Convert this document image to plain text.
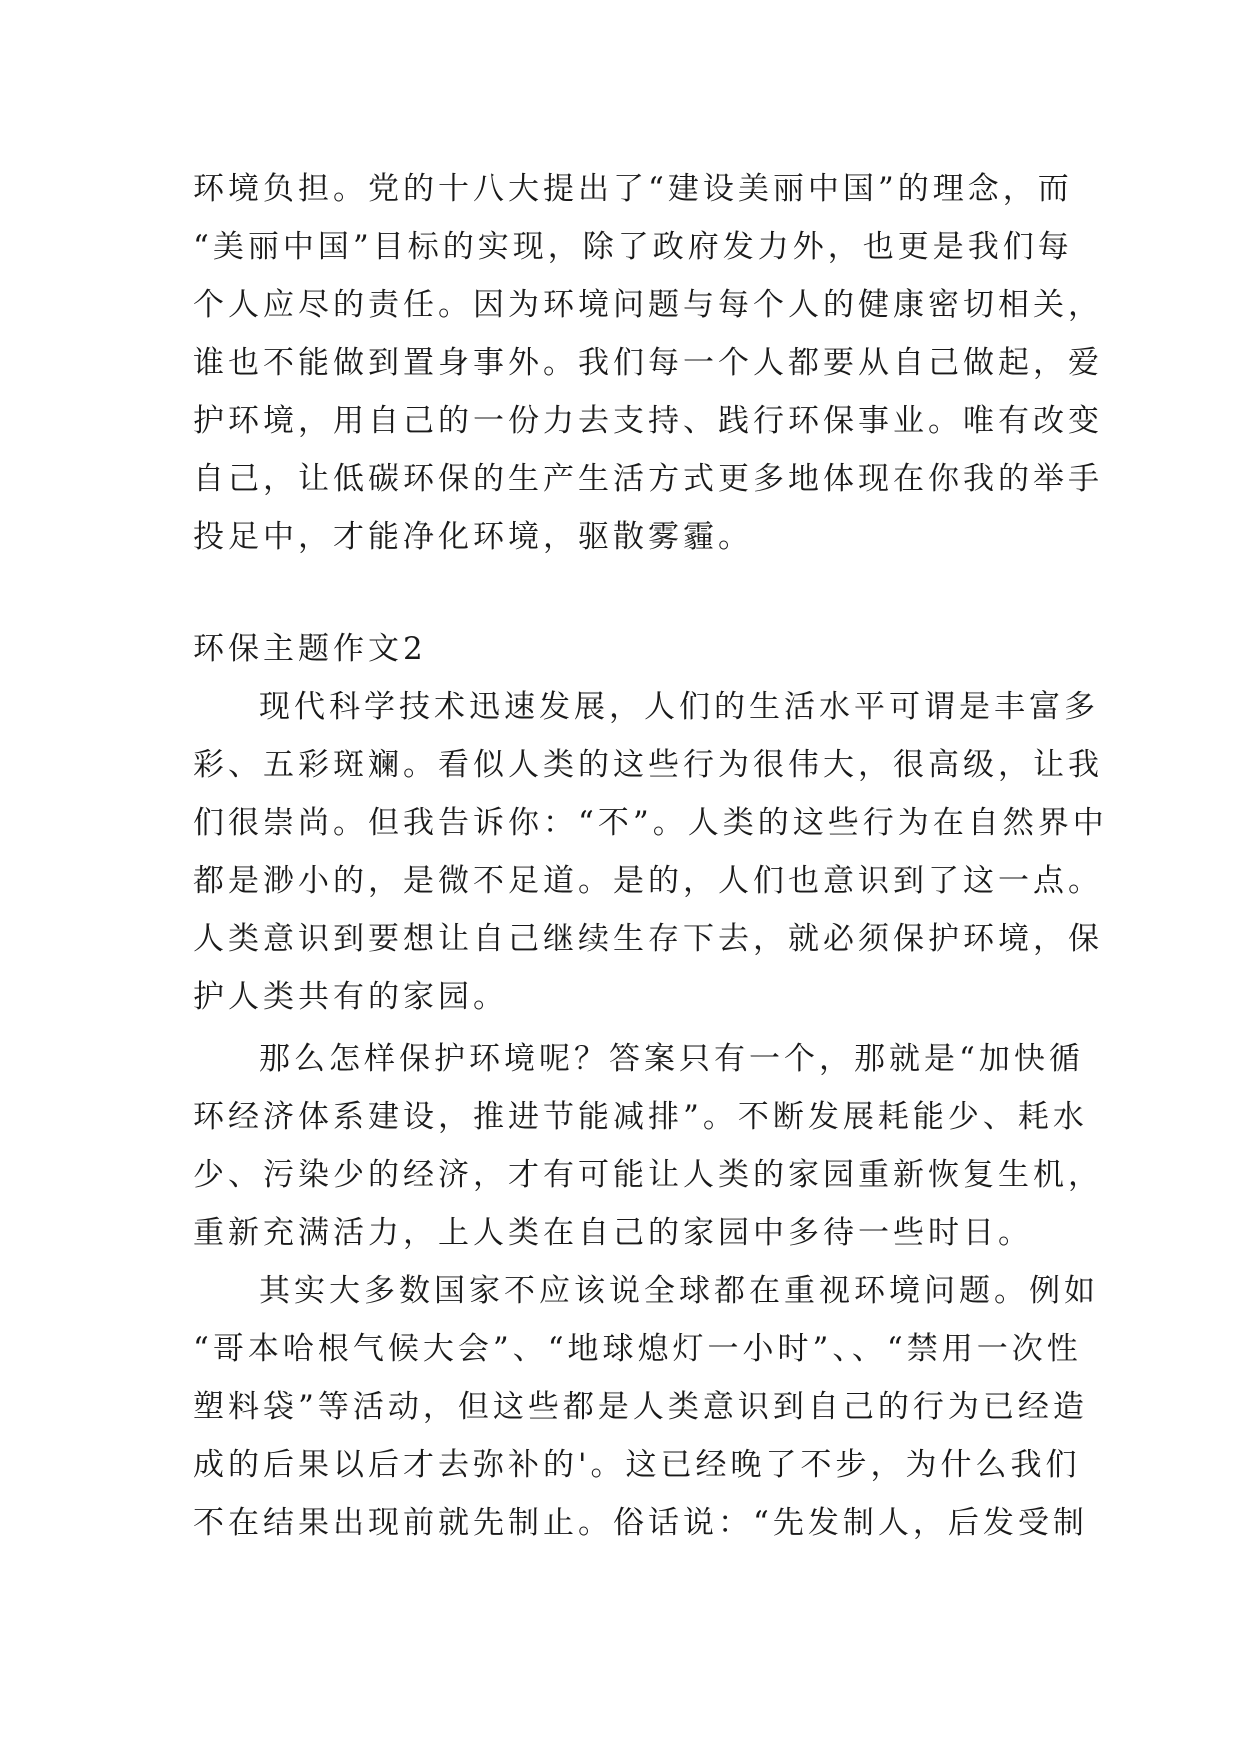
环境负担。党的十八大提出了“建设美丽中国”的理念，而
“美丽中国”目标的实现，除了政府发力外，也更是我们每
个人应尽的责任。因为环境问题与每个人的健康密切相关，
谁也不能做到置身事外。我们每一个人都要从自己做起，爱
护环境，用自己的一份力去支持、践行环保事业。唯有改变
自己，让低碳环保的生产生活方式更多地体现在你我的举手
投足中，才能净化环境，驱散雾霾。
环保主题作文2
现代科学技术迅速发展，人们的生活水平可谓是丰富多
彩、五彩斑斓。看似人类的这些行为很伟大，很高级，让我
们很崇尚。但我告诉你：“不”。人类的这些行为在自然界中
都是渺小的，是微不足道。是的，人们也意识到了这一点。
人类意识到要想让自己继续生存下去，就必须保护环境，保
护人类共有的家园。
那么怎样保护环境呢？答案只有一个，那就是“加快循
环经济体系建设，推进节能减排”。不断发展耗能少、耗水
少、污染少的经济，才有可能让人类的家园重新恢复生机，
重新充满活力，上人类在自己的家园中多待一些时日。
其实大多数国家不应该说全球都在重视环境问题。例如
“哥本哈根气候大会”、“地球熄灯一小时”、、“禁用一次性
塑料袋”等活动，但这些都是人类意识到自己的行为已经造
成的后果以后才去弥补的'。这已经晚了不步，为什么我们
不在结果出现前就先制止。俗话说：“先发制人，后发受制
